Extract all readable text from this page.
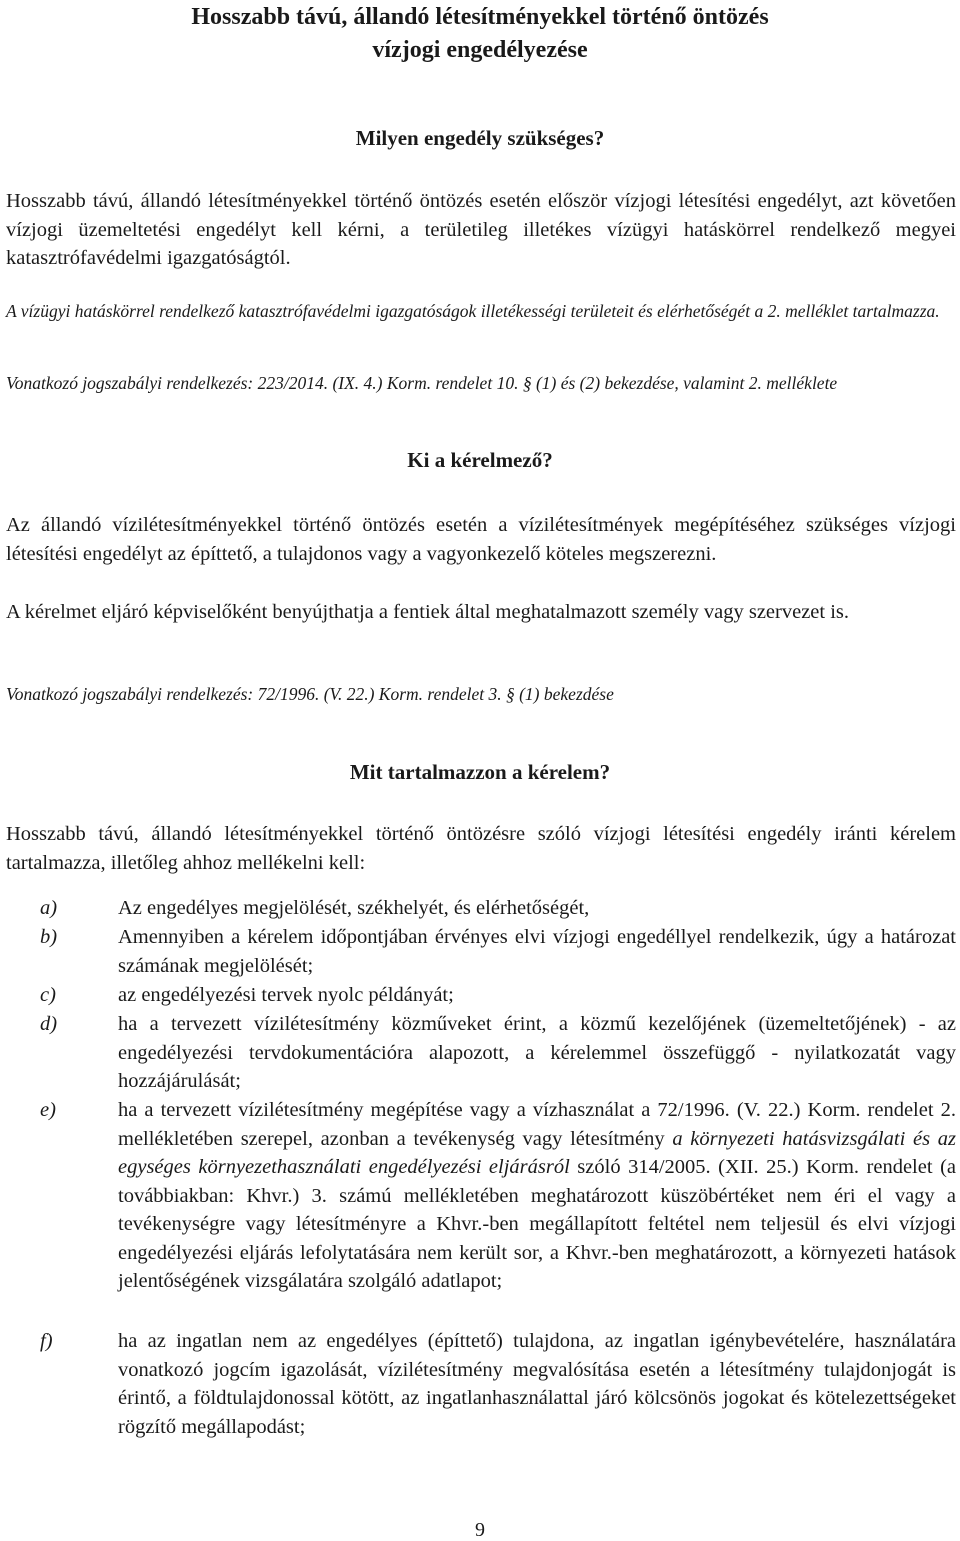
Hosszabb távú, állandó létesítményekkel történő öntözés
vízjogi engedélyezése
Milyen engedély szükséges?
Hosszabb távú, állandó létesítményekkel történő öntözés esetén először vízjogi létesítési engedélyt, azt követően vízjogi üzemeltetési engedélyt kell kérni, a területileg illetékes vízügyi hatáskörrel rendelkező megyei katasztrófavédelmi igazgatóságtól.
A vízügyi hatáskörrel rendelkező katasztrófavédelmi igazgatóságok illetékességi területeit és elérhetőségét a 2. melléklet tartalmazza.
Vonatkozó jogszabályi rendelkezés: 223/2014. (IX. 4.) Korm. rendelet 10. § (1) és (2) bekezdése, valamint 2. melléklete
Ki a kérelmező?
Az állandó vízilétesítményekkel történő öntözés esetén a vízilétesítmények megépítéséhez szükséges vízjogi létesítési engedélyt az építtető, a tulajdonos vagy a vagyonkezelő köteles megszerezni.
A kérelmet eljáró képviselőként benyújthatja a fentiek által meghatalmazott személy vagy szervezet is.
Vonatkozó jogszabályi rendelkezés: 72/1996. (V. 22.) Korm. rendelet 3. § (1) bekezdése
Mit tartalmazzon a kérelem?
Hosszabb távú, állandó létesítményekkel történő öntözésre szóló vízjogi létesítési engedély iránti kérelem tartalmazza, illetőleg ahhoz mellékelni kell:
a)	Az engedélyes megjelölését, székhelyét, és elérhetőségét,
b)	Amennyiben a kérelem időpontjában érvényes elvi vízjogi engedéllyel rendelkezik, úgy a határozat számának megjelölését;
c)	az engedélyezési tervek nyolc példányát;
d)	ha a tervezett vízilétesítmény közműveket érint, a közmű kezelőjének (üzemeltetőjének) - az engedélyezési tervdokumentációra alapozott, a kérelemmel összefüggő - nyilatkozatát vagy hozzájárulását;
e)	ha a tervezett vízilétesítmény megépítése vagy a vízhasználat a 72/1996. (V. 22.) Korm. rendelet 2. mellékletében szerepel, azonban a tevékenység vagy létesítmény a környezeti hatásvizsgálati és az egységes környezethasználati engedélyezési eljárásról szóló 314/2005. (XII. 25.) Korm. rendelet (a továbbiakban: Khvr.) 3. számú mellékletében meghatározott küszöbértéket nem éri el vagy a tevékenységre vagy létesítményre a Khvr.-ben megállapított feltétel nem teljesül és elvi vízjogi engedélyezési eljárás lefolytatására nem került sor, a Khvr.-ben meghatározott, a környezeti hatások jelentőségének vizsgálatára szolgáló adatlapot;
f)	ha az ingatlan nem az engedélyes (építtető) tulajdona, az ingatlan igénybevételére, használatára vonatkozó jogcím igazolását, vízilétesítmény megvalósítása esetén a létesítmény tulajdonjogát is érintő, a földtulajdonossal kötött, az ingatlanhasználattal járó kölcsönös jogokat és kötelezettségeket rögzítő megállapodást;
9
